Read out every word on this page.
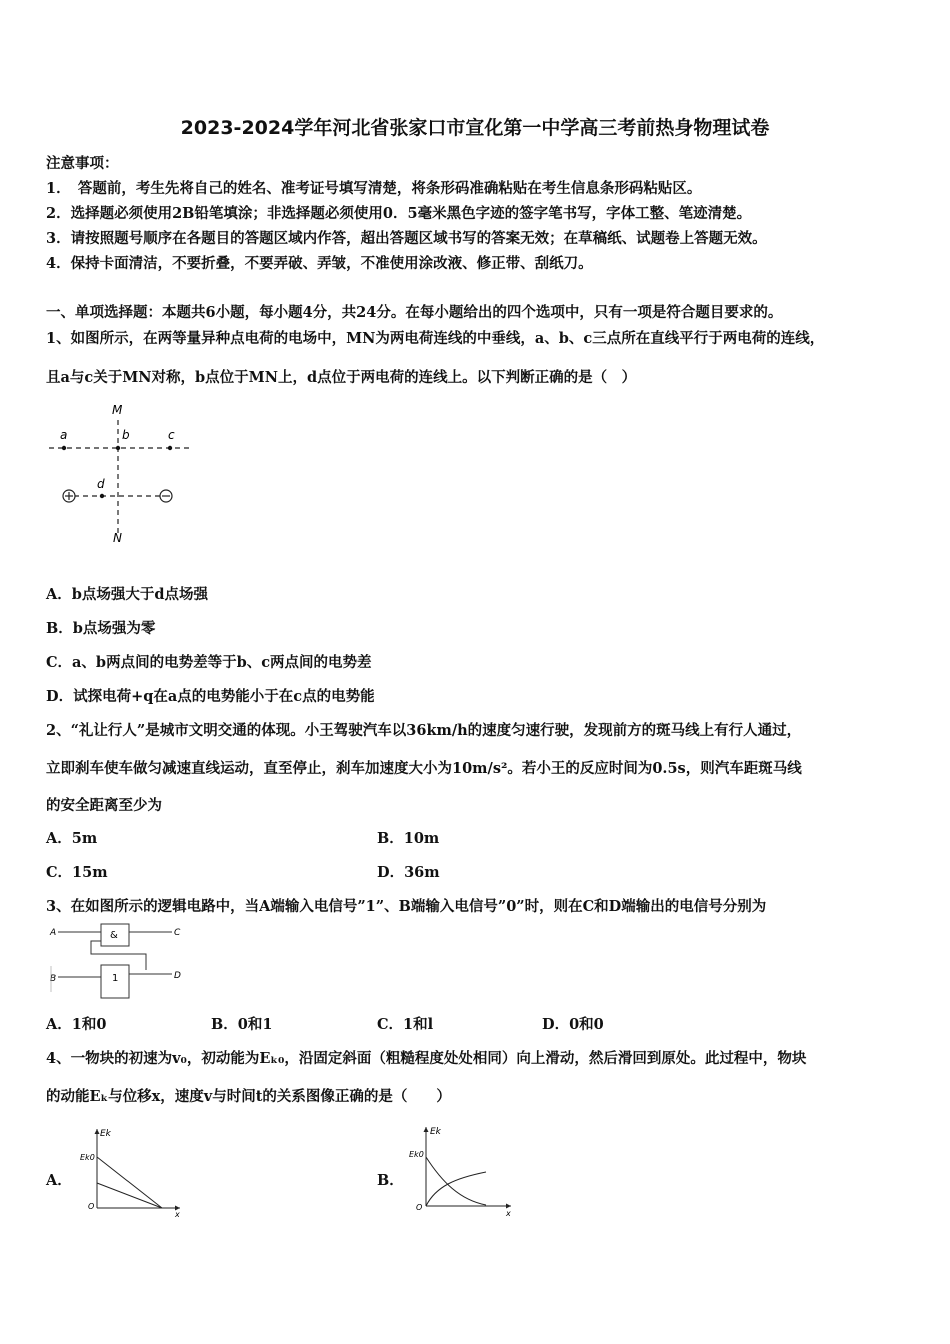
2023-2024学年河北省张家口市宣化第一中学高三考前热身物理试卷
注意事项：
1．　答题前，考生先将自己的姓名、准考证号填写清楚，将条形码准确粘贴在考生信息条形码粘贴区。
2．选择题必须使用2B铅笔填涂；非选择题必须使用0．5毫米黑色字迹的签字笔书写，字体工整、笔迹清楚。
3．请按照题号顺序在各题目的答题区域内作答，超出答题区域书写的答案无效；在草稿纸、试题卷上答题无效。
4．保持卡面清洁，不要折叠，不要弄破、弄皱，不准使用涂改液、修正带、刮纸刀。
一、单项选择题：本题共6小题，每小题4分，共24分。在每小题给出的四个选项中，只有一项是符合题目要求的。
1、如图所示，在两等量异种点电荷的电场中，MN为两电荷连线的中垂线，a、b、c三点所在直线平行于两电荷的连线，
且a与c关于MN对称，b点位于MN上，d点位于两电荷的连线上。以下判断正确的是（　）
M
N
a	b	c
d
A．b点场强大于d点场强
B．b点场强为零
C．a、b两点间的电势差等于b、c两点间的电势差
D．试探电荷+q在a点的电势能小于在c点的电势能
2、“礼让行人”是城市文明交通的体现。小王驾驶汽车以36km/h的速度匀速行驶，发现前方的斑马线上有行人通过，
立即刹车使车做匀减速直线运动，直至停止，刹车加速度大小为10m/s²。若小王的反应时间为0.5s，则汽车距斑马线
的安全距离至少为
A．5m	B．10m
C．15m	D．36m
3、在如图所示的逻辑电路中，当A端输入电信号”1”、B端输入电信号”0”时，则在C和D端输出的电信号分别为
A
B
C
D
&
1
A．1和0	B．0和1	C．1和l	D．0和0
4、一物块的初速为v₀，初动能为Eₖ₀，沿固定斜面（粗糙程度处处相同）向上滑动，然后滑回到原处。此过程中，物块
的动能Eₖ与位移x，速度v与时间t的关系图像正确的是（　　）
A．
Ek
Ek0
O
x
B．
Ek
Ek0
O
x
